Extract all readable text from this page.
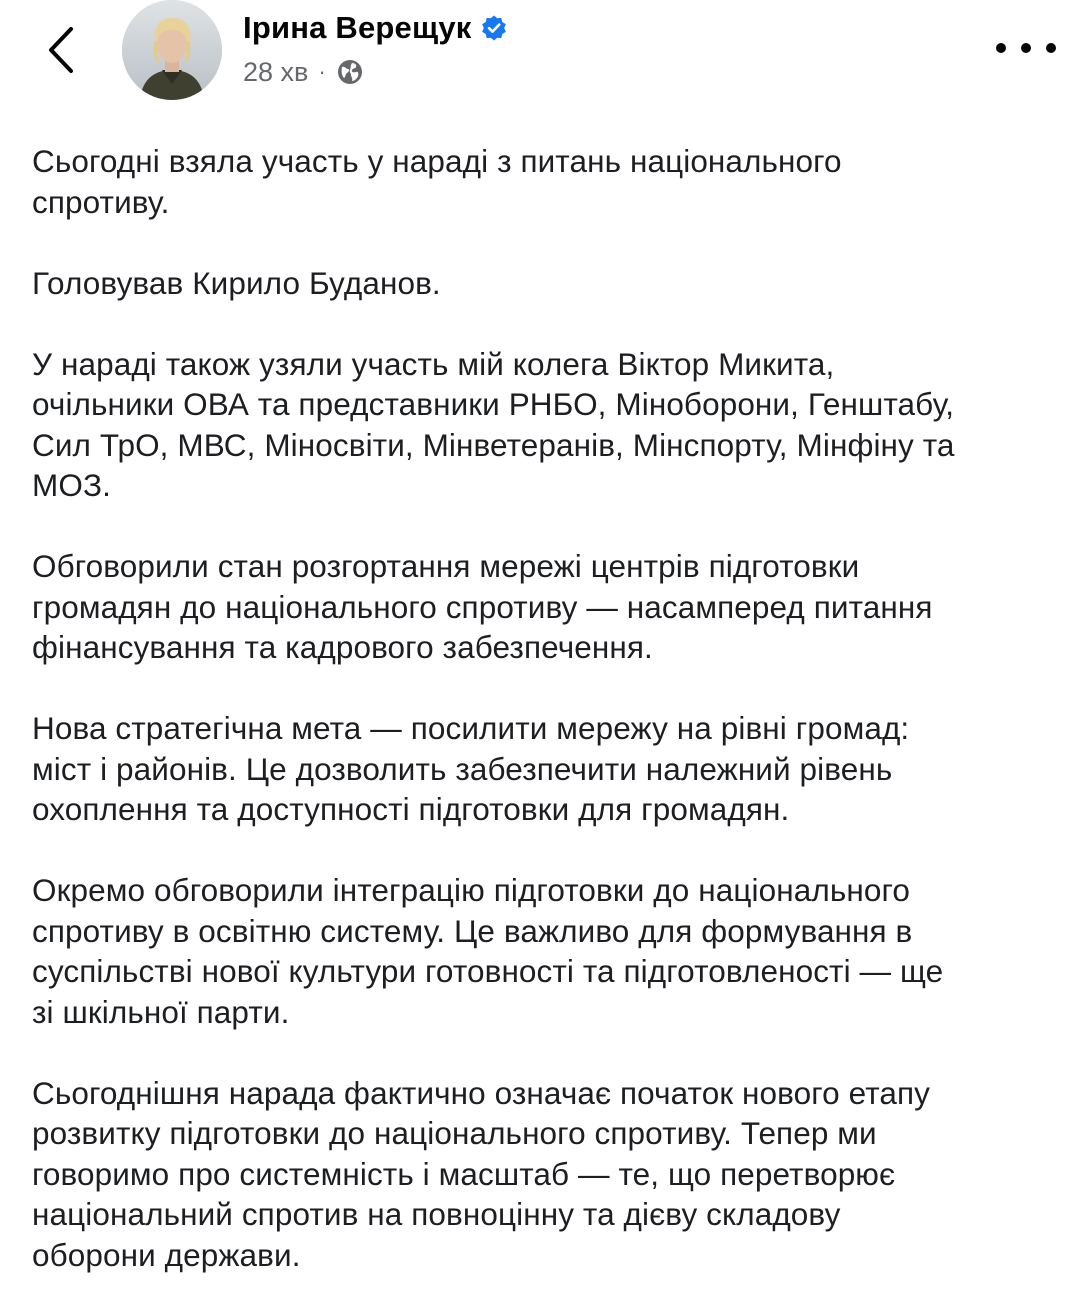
Ірина Верещук
28 хв ·

Сьогодні взяла участь у нараді з питань національного
спротиву.

Головував Кирило Буданов.

У нараді також узяли участь мій колега Віктор Микита,
очільники ОВА та представники РНБО, Міноборони, Генштабу,
Сил ТрО, МВС, Міносвіти, Мінветеранів, Мінспорту, Мінфіну та
МОЗ.

Обговорили стан розгортання мережі центрів підготовки
громадян до національного спротиву — насамперед питання
фінансування та кадрового забезпечення.

Нова стратегічна мета — посилити мережу на рівні громад:
міст і районів. Це дозволить забезпечити належний рівень
охоплення та доступності підготовки для громадян.

Окремо обговорили інтеграцію підготовки до національного
спротиву в освітню систему. Це важливо для формування в
суспільстві нової культури готовності та підготовленості — ще
зі шкільної парти.

Сьогоднішня нарада фактично означає початок нового етапу
розвитку підготовки до національного спротиву. Тепер ми
говоримо про системність і масштаб — те, що перетворює
національний спротив на повноцінну та дієву складову
оборони держави.
